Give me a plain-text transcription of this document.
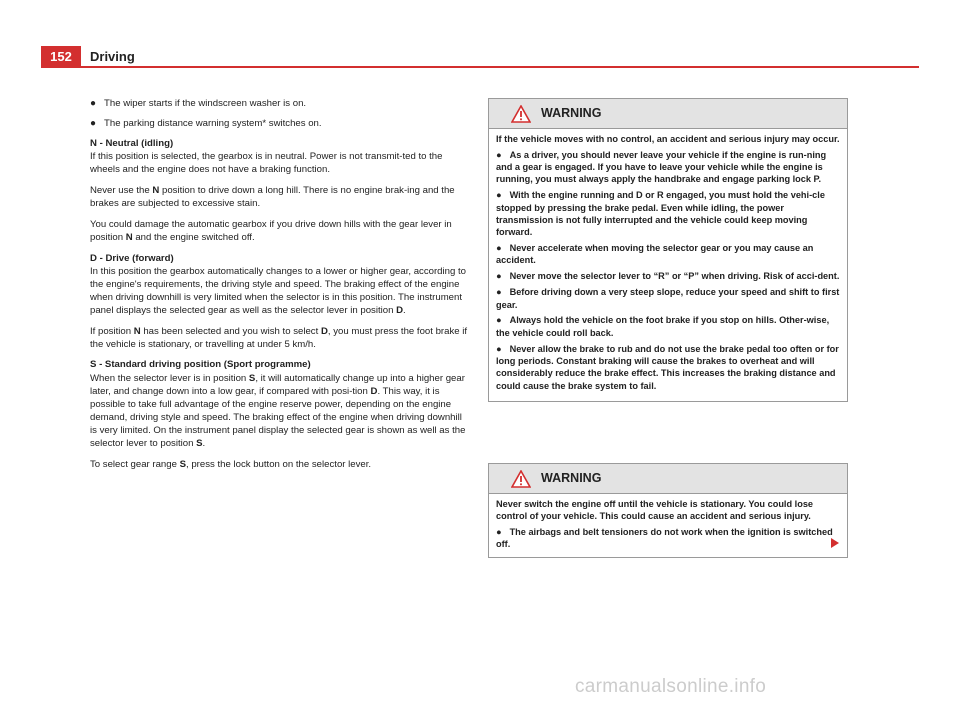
152	Driving
● The wiper starts if the windscreen washer is on.
● The parking distance warning system* switches on.

N - Neutral (idling)

If this position is selected, the gearbox is in neutral. Power is not transmit-ted to the wheels and the engine does not have a braking function.

Never use the N position to drive down a long hill. There is no engine brak-ing and the brakes are subjected to excessive stain.

You could damage the automatic gearbox if you drive down hills with the gear lever in position N and the engine switched off.

D - Drive (forward)

In this position the gearbox automatically changes to a lower or higher gear, according to the engine's requirements, the driving style and speed. The braking effect of the engine when driving downhill is very limited when the selector is in this position. The instrument panel displays the selected gear as well as the selector lever in position D.

If position N has been selected and you wish to select D, you must press the foot brake if the vehicle is stationary, or travelling at under 5 km/h.

S - Standard driving position (Sport programme)

When the selector lever is in position S, it will automatically change up into a higher gear later, and change down into a low gear, if compared with posi-tion D. This way, it is possible to take full advantage of the engine reserve power, depending on the engine demand, driving style and speed. The braking effect of the engine when driving downhill is very limited. On the instrument panel display the selected gear is shown as well as the selector lever to position S.

To select gear range S, press the lock button on the selector lever.

WARNING

If the vehicle moves with no control, an accident and serious injury may occur.

● As a driver, you should never leave your vehicle if the engine is run-ning and a gear is engaged. If you have to leave your vehicle while the engine is running, you must always apply the handbrake and engage parking lock P.

● With the engine running and D or R engaged, you must hold the vehi-cle stopped by pressing the brake pedal. Even while idling, the power transmission is not fully interrupted and the vehicle could keep moving forward.

● Never accelerate when moving the selector gear or you may cause an accident.

● Never move the selector lever to “R” or “P” when driving. Risk of acci-dent.

● Before driving down a very steep slope, reduce your speed and shift to first gear.

● Always hold the vehicle on the foot brake if you stop on hills. Other-wise, the vehicle could roll back.

● Never allow the brake to rub and do not use the brake pedal too often or for long periods. Constant braking will cause the brakes to overheat and will considerably reduce the brake effect. This increases the braking distance and could cause the brake system to fail.

WARNING

Never switch the engine off until the vehicle is stationary. You could lose control of your vehicle. This could cause an accident and serious injury.

● The airbags and belt tensioners do not work when the ignition is switched off.

carmanualsonline.info
